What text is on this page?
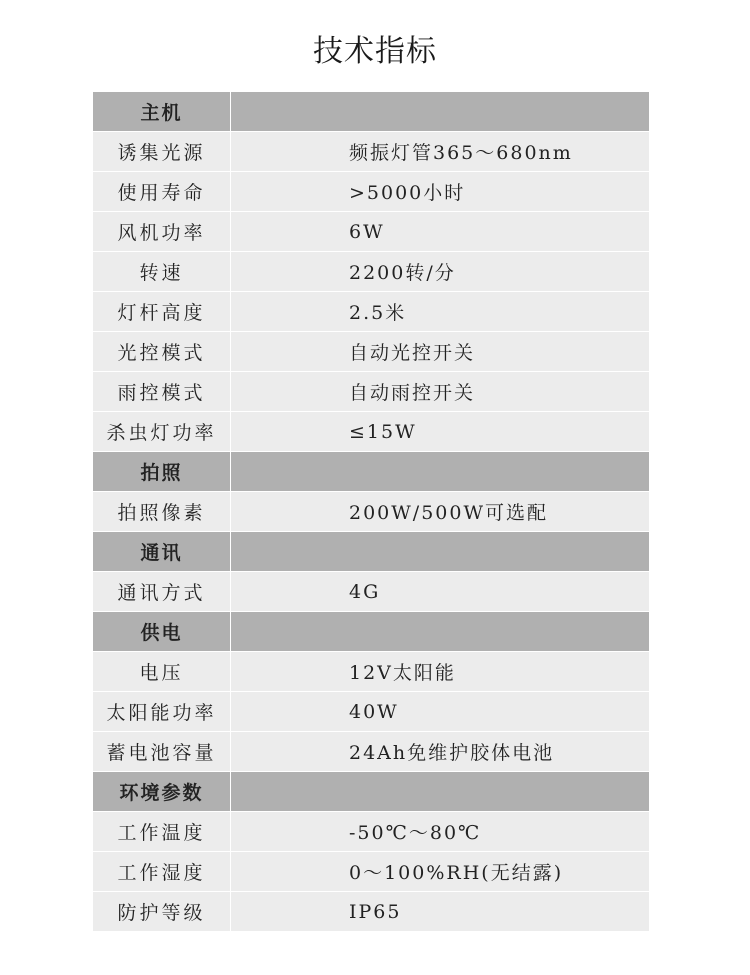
技术指标
主机	
诱集光源	频振灯管365～680nm
使用寿命	>5000小时
风机功率	6W
转速	2200转/分
灯杆高度	2.5米
光控模式	自动光控开关
雨控模式	自动雨控开关
杀虫灯功率	≤15W
拍照	
拍照像素	200W/500W可选配
通讯	
通讯方式	4G
供电	
电压	12V太阳能
太阳能功率	40W
蓄电池容量	24Ah免维护胶体电池
环境参数	
工作温度	-50℃～80℃
工作湿度	0～100%RH(无结露)
防护等级	IP65
